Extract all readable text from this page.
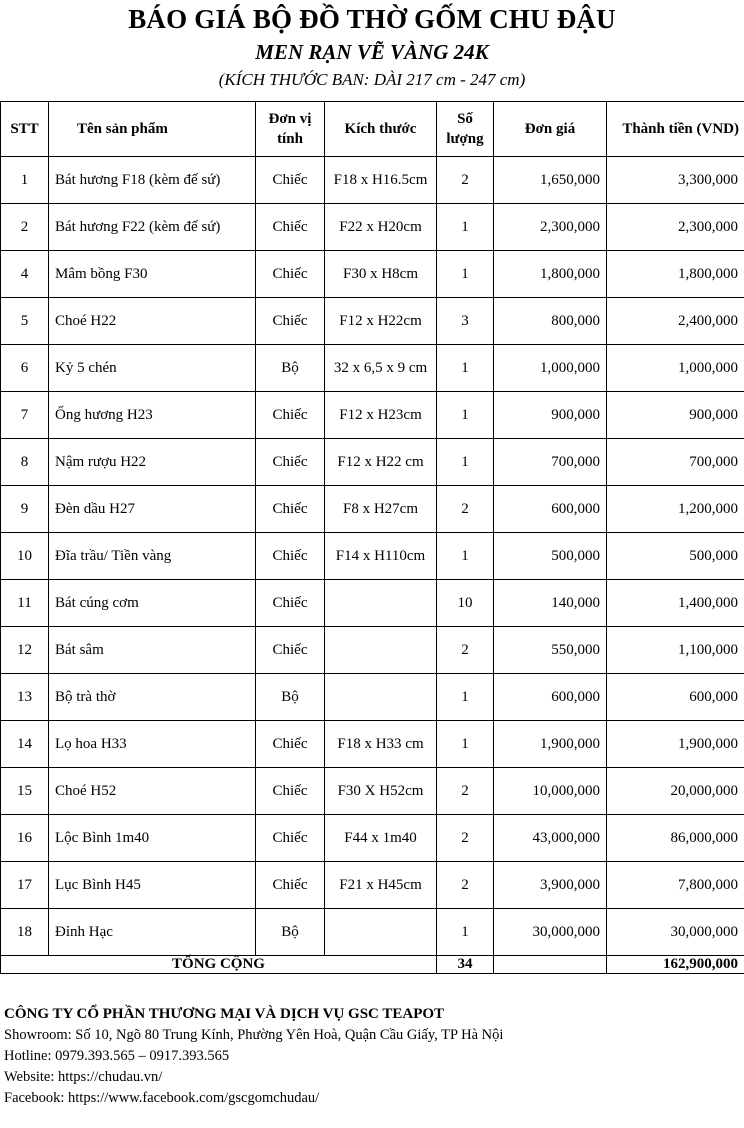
BÁO GIÁ BỘ ĐỒ THỜ GỐM CHU ĐẬU
MEN RẠN VẼ VÀNG 24K
(KÍCH THƯỚC BAN: DÀI 217 cm - 247 cm)
STT	Tên sản phẩm	Đơn vị tính	Kích thước	Số lượng	Đơn giá	Thành tiền (VND)
1	Bát hương F18 (kèm đế sứ)	Chiếc	F18 x H16.5cm	2	1,650,000	3,300,000
2	Bát hương F22 (kèm đế sứ)	Chiếc	F22 x H20cm	1	2,300,000	2,300,000
4	Mâm bồng F30	Chiếc	F30 x H8cm	1	1,800,000	1,800,000
5	Choé H22	Chiếc	F12 x H22cm	3	800,000	2,400,000
6	Kỷ 5 chén	Bộ	32 x 6,5 x 9 cm	1	1,000,000	1,000,000
7	Ống hương H23	Chiếc	F12 x H23cm	1	900,000	900,000
8	Nậm rượu H22	Chiếc	F12 x H22 cm	1	700,000	700,000
9	Đèn dầu H27	Chiếc	F8 x H27cm	2	600,000	1,200,000
10	Đĩa trầu/ Tiền vàng	Chiếc	F14 x H110cm	1	500,000	500,000
11	Bát cúng cơm	Chiếc		10	140,000	1,400,000
12	Bát sâm	Chiếc		2	550,000	1,100,000
13	Bộ trà thờ	Bộ		1	600,000	600,000
14	Lọ hoa H33	Chiếc	F18 x H33 cm	1	1,900,000	1,900,000
15	Choé H52	Chiếc	F30 X H52cm	2	10,000,000	20,000,000
16	Lộc Bình 1m40	Chiếc	F44 x 1m40	2	43,000,000	86,000,000
17	Lục Bình H45	Chiếc	F21 x H45cm	2	3,900,000	7,800,000
18	Đỉnh Hạc	Bộ		1	30,000,000	30,000,000
TỔNG CỘNG				34		162,900,000
CÔNG TY CỔ PHẦN THƯƠNG MẠI VÀ DỊCH VỤ GSC TEAPOT
Showroom: Số 10, Ngõ 80 Trung Kính, Phường Yên Hoà, Quận Cầu Giấy, TP Hà Nội
Hotline: 0979.393.565 – 0917.393.565
Website: https://chudau.vn/
Facebook: https://www.facebook.com/gscgomchudau/
